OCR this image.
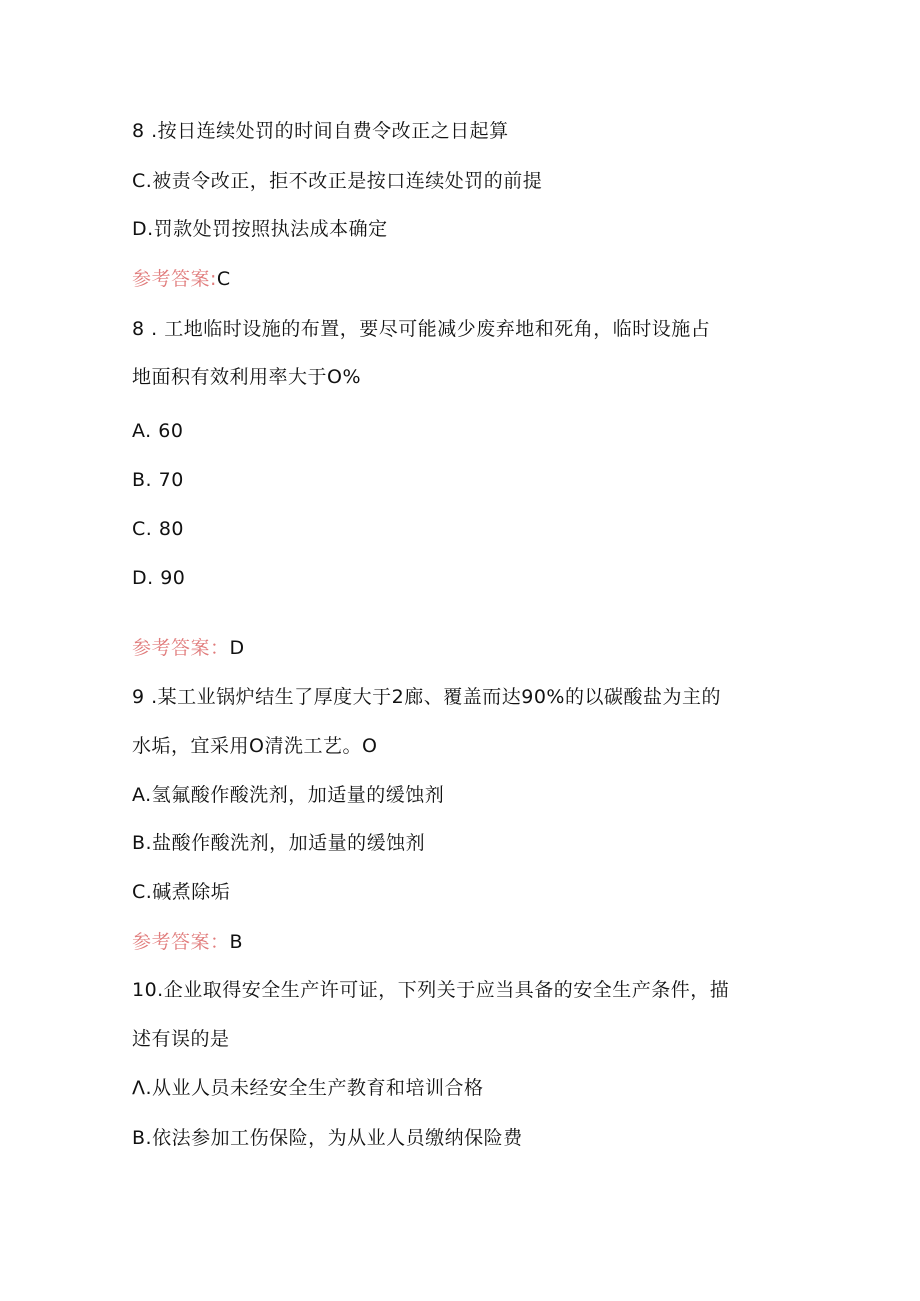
8 .按日连续处罚的时间自费令改正之日起算
C.被责令改正，拒不改正是按口连续处罚的前提
D.罚款处罚按照执法成本确定
参考答案:C
8 . 工地临时设施的布置，要尽可能减少废弃地和死角，临时设施占
地面积有效利用率大于O%
A. 60
B. 70
C. 80
D. 90
参考答案：D
9 .某工业锅炉结生了厚度大于2廊、覆盖而达90%的以碳酸盐为主的
水垢，宜采用O清洗工艺。O
A.氢氟酸作酸洗剂，加适量的缓蚀剂
B.盐酸作酸洗剂，加适量的缓蚀剂
C.碱煮除垢
参考答案：B
10.企业取得安全生产许可证，下列关于应当具备的安全生产条件，描
述有误的是
Λ.从业人员未经安全生产教育和培训合格
B.依法参加工伤保险，为从业人员缴纳保险费
